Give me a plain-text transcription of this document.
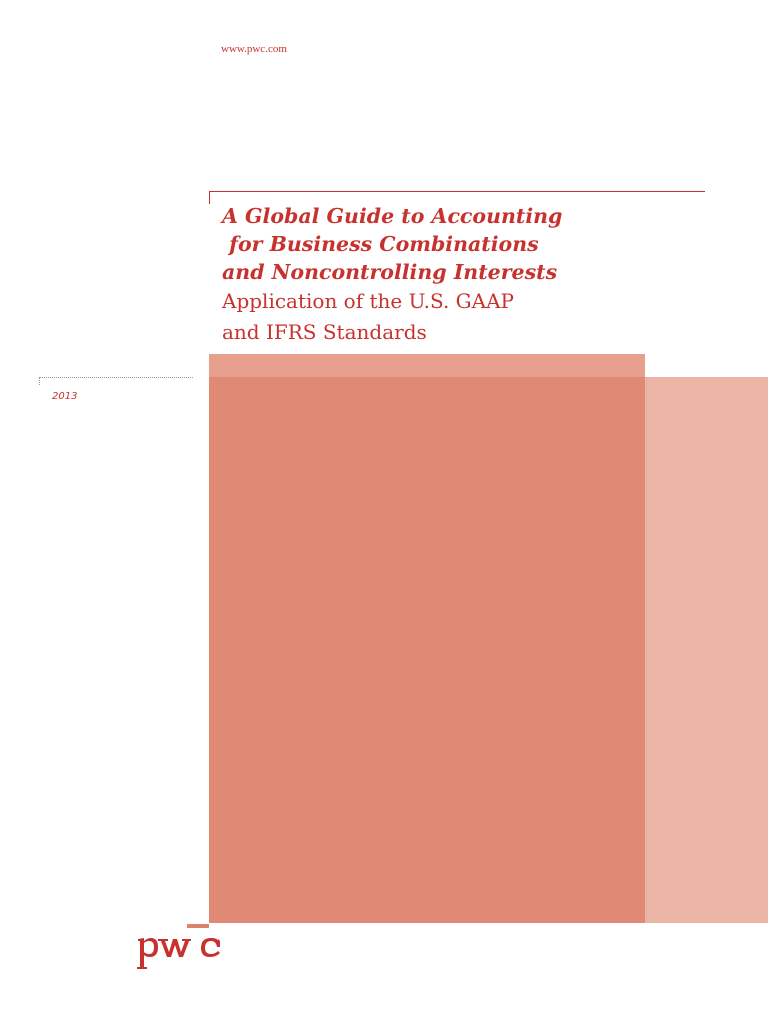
www.pwc.com
A Global Guide to Accounting
for Business Combinations
and Noncontrolling Interests
Application of the U.S. GAAP
and IFRS Standards
2013
